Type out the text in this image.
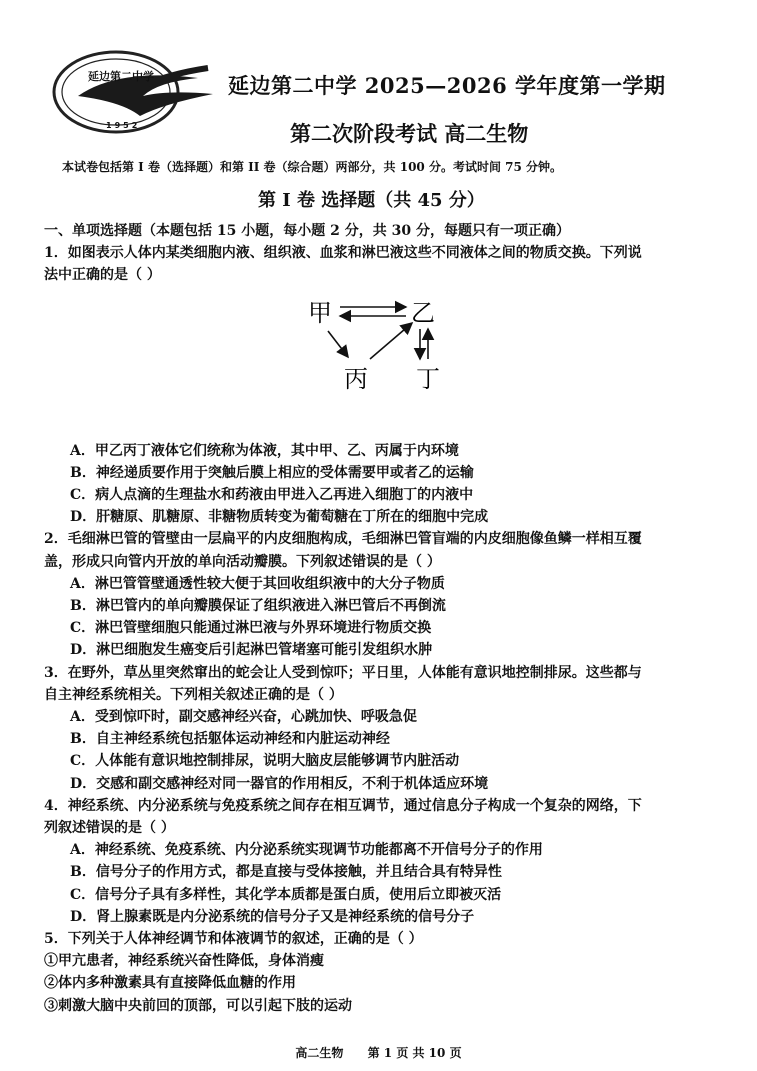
延边第二中学
1952
延边第二中学 2025—2026 学年度第一学期
第二次阶段考试 高二生物
本试卷包括第 I 卷（选择题）和第 II 卷（综合题）两部分，共 100 分。考试时间 75 分钟。
第 I 卷 选择题（共 45 分）
一、单项选择题（本题包括 15 小题，每小题 2 分，共 30 分，每题只有一项正确）
1．如图表示人体内某类细胞内液、组织液、血浆和淋巴液这些不同液体之间的物质交换。下列说
法中正确的是（ ）
甲	乙
丙 丁
A．甲乙丙丁液体它们统称为体液，其中甲、乙、丙属于内环境
B．神经递质要作用于突触后膜上相应的受体需要甲或者乙的运输
C．病人点滴的生理盐水和药液由甲进入乙再进入细胞丁的内液中
D．肝糖原、肌糖原、非糖物质转变为葡萄糖在丁所在的细胞中完成
2．毛细淋巴管的管壁由一层扁平的内皮细胞构成，毛细淋巴管盲端的内皮细胞像鱼鳞一样相互覆
盖，形成只向管内开放的单向活动瓣膜。下列叙述错误的是（ ）
A．淋巴管管壁通透性较大便于其回收组织液中的大分子物质
B．淋巴管内的单向瓣膜保证了组织液进入淋巴管后不再倒流
C．淋巴管壁细胞只能通过淋巴液与外界环境进行物质交换
D．淋巴细胞发生癌变后引起淋巴管堵塞可能引发组织水肿
3．在野外，草丛里突然窜出的蛇会让人受到惊吓；平日里，人体能有意识地控制排尿。这些都与
自主神经系统相关。下列相关叙述正确的是（ ）
A．受到惊吓时，副交感神经兴奋，心跳加快、呼吸急促
B．自主神经系统包括躯体运动神经和内脏运动神经
C．人体能有意识地控制排尿，说明大脑皮层能够调节内脏活动
D．交感和副交感神经对同一器官的作用相反，不利于机体适应环境
4．神经系统、内分泌系统与免疫系统之间存在相互调节，通过信息分子构成一个复杂的网络，下
列叙述错误的是（ ）
A．神经系统、免疫系统、内分泌系统实现调节功能都离不开信号分子的作用
B．信号分子的作用方式，都是直接与受体接触，并且结合具有特异性
C．信号分子具有多样性，其化学本质都是蛋白质，使用后立即被灭活
D．肾上腺素既是内分泌系统的信号分子又是神经系统的信号分子
5．下列关于人体神经调节和体液调节的叙述，正确的是（ ）
①甲亢患者，神经系统兴奋性降低，身体消瘦
②体内多种激素具有直接降低血糖的作用
③刺激大脑中央前回的顶部，可以引起下肢的运动
高二生物 第 1 页 共 10 页
